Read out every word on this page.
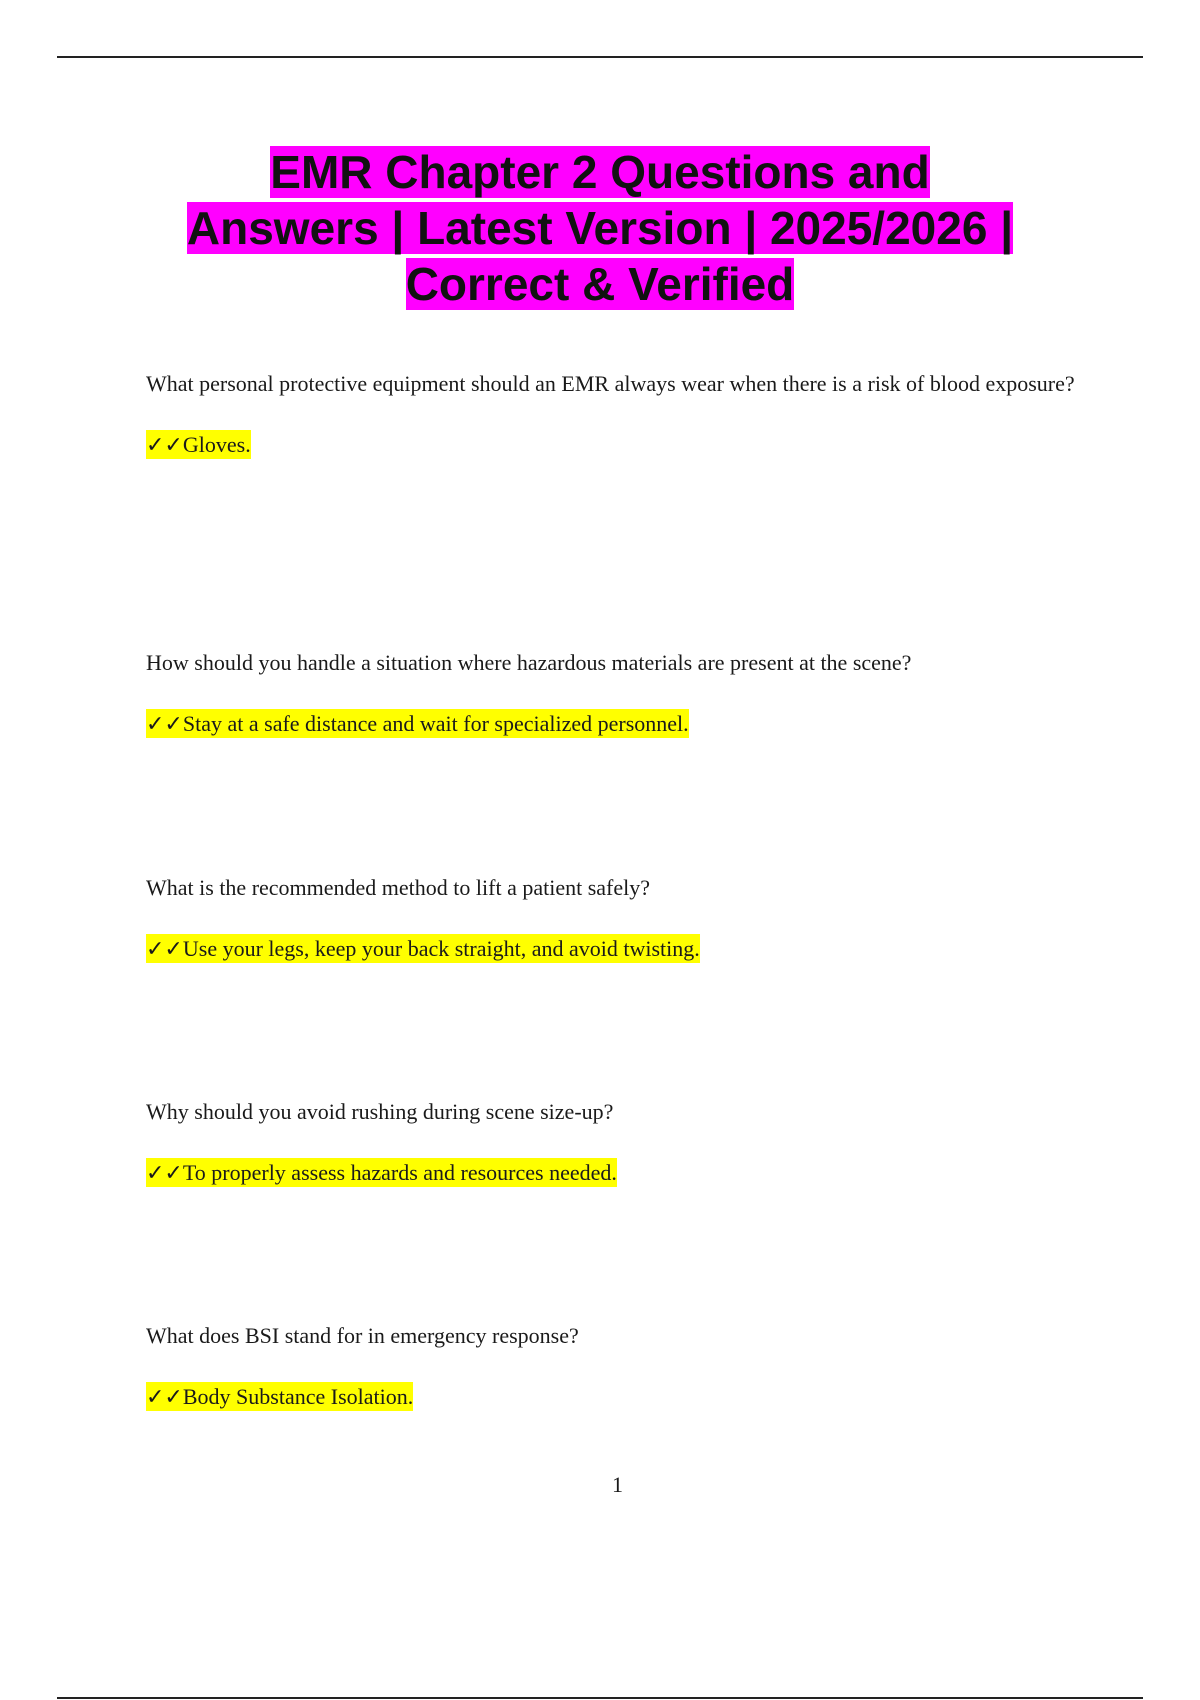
EMR Chapter 2 Questions and
Answers | Latest Version | 2025/2026 |
Correct & Verified

What personal protective equipment should an EMR always wear when there is a risk of blood exposure?

✓✓Gloves.

How should you handle a situation where hazardous materials are present at the scene?

✓✓Stay at a safe distance and wait for specialized personnel.

What is the recommended method to lift a patient safely?

✓✓Use your legs, keep your back straight, and avoid twisting.

Why should you avoid rushing during scene size-up?

✓✓To properly assess hazards and resources needed.

What does BSI stand for in emergency response?

✓✓Body Substance Isolation.

1
